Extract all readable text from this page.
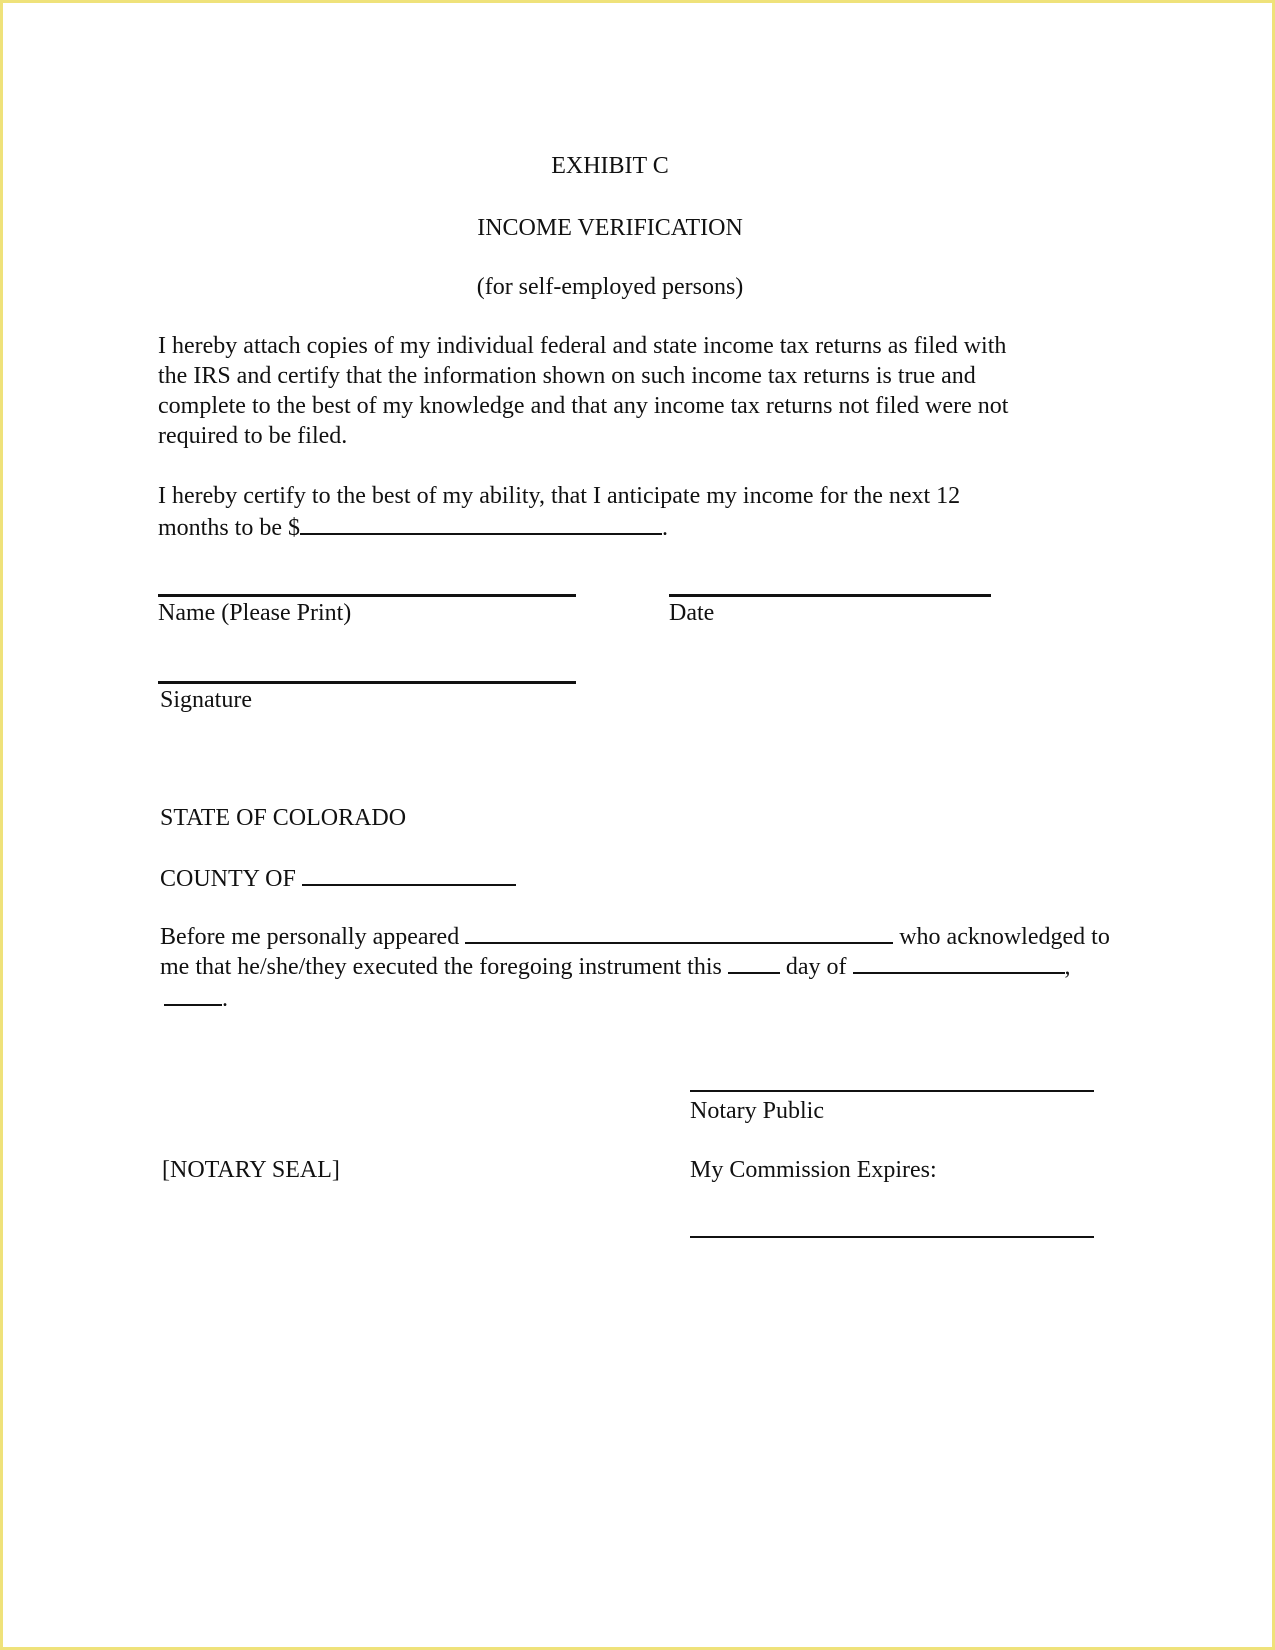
EXHIBIT C
INCOME VERIFICATION
(for self-employed persons)
I hereby attach copies of my individual federal and state income tax returns as filed with
the IRS and certify that the information shown on such income tax returns is true and
complete to the best of my knowledge and that any income tax returns not filed were not
required to be filed.
I hereby certify to the best of my ability, that I anticipate my income for the next 12
months to be $	.
Name (Please Print)	Date
Signature
STATE OF COLORADO
COUNTY OF
Before me personally appeared	who acknowledged to
me that he/she/they executed the foregoing instrument this	day of	,
.
Notary Public
[NOTARY SEAL]	My Commission Expires:
